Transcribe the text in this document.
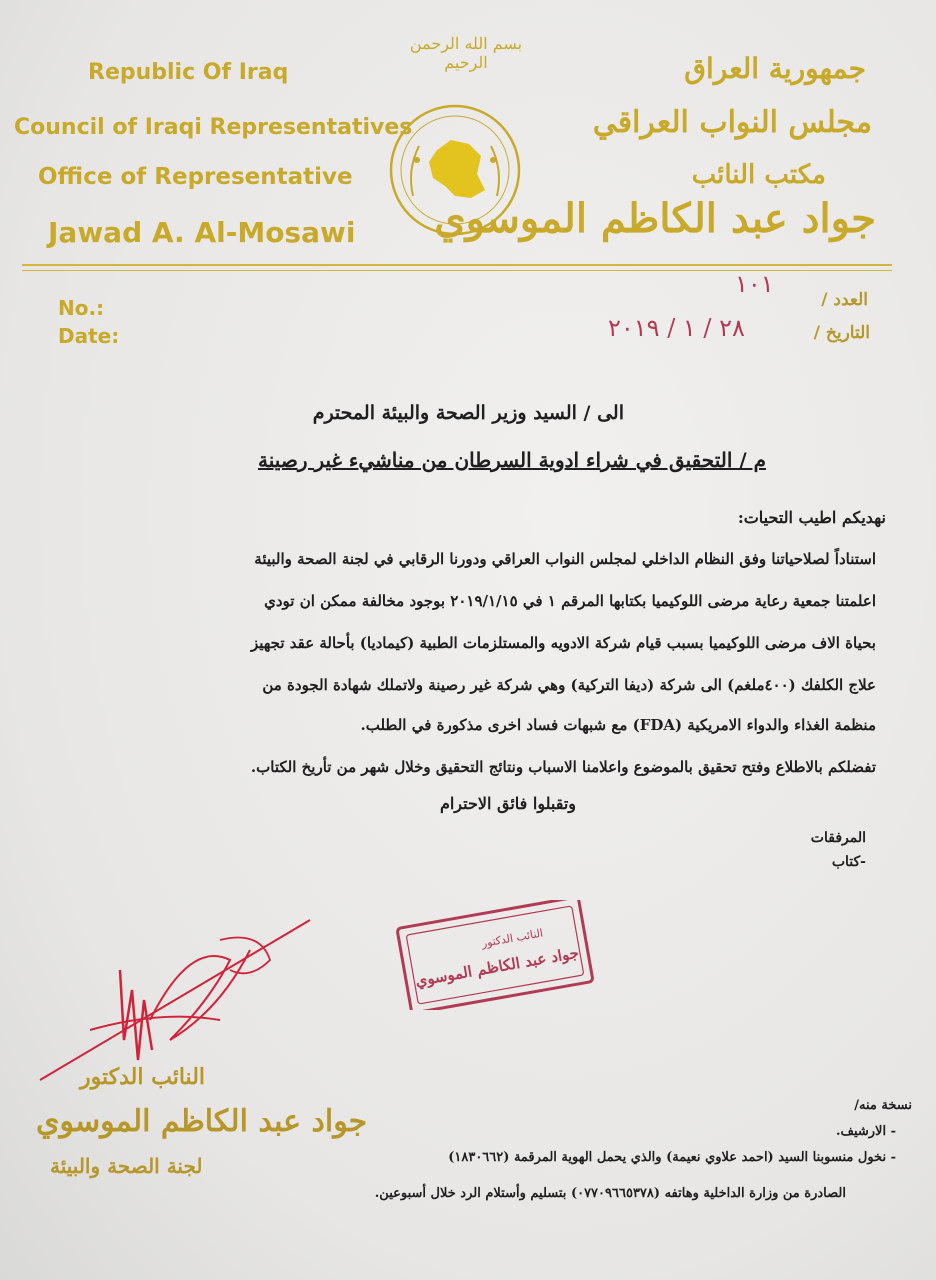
Republic Of Iraq
Council of Iraqi Representatives
Office of Representative
Jawad A. Al-Mosawi
بسم الله الرحمن الرحيم	جمهورية العراق
مجلس النواب العراقي
مكتب النائب
جواد عبد الكاظم الموسوي
No.:
Date:
العدد /
التاريخ /
١٠١
٢٨ / ١ / ٢٠١٩
الى / السيد وزير الصحة والبيئة المحترم
م / التحقيق في شراء ادوية السرطان من مناشيء غير رصينة
نهديكم اطيب التحيات:
استناداً لصلاحياتنا وفق النظام الداخلي لمجلس النواب العراقي ودورنا الرقابي في لجنة الصحة والبيئة
اعلمتنا جمعية رعاية مرضى اللوكيميا بكتابها المرقم ١ في ٢٠١٩/١/١٥ بوجود مخالفة ممكن ان تودي
بحياة الاف مرضى اللوكيميا بسبب قيام شركة الادويه والمستلزمات الطبية (كيماديا) بأحالة عقد تجهيز
علاج الكلفك (٤٠٠ملغم) الى شركة (ديفا التركية) وهي شركة غير رصينة ولاتملك شهادة الجودة من
منظمة الغذاء والدواء الامريكية (FDA) مع شبهات فساد اخرى مذكورة في الطلب.
تفضلكم بالاطلاع وفتح تحقيق بالموضوع واعلامنا الاسباب ونتائج التحقيق وخلال شهر من تأريخ الكتاب.
وتقبلوا فائق الاحترام
المرفقات
-كتاب
النائب الدكتور
جواد عبد الكاظم الموسوي
النائب الدكتور
جواد عبد الكاظم الموسوي
لجنة الصحة والبيئة
نسخة منه/
- الارشيف.
- نخول منسوبنا السيد (احمد علاوي نعيمة) والذي يحمل الهوية المرقمة (١٨٣٠٦٦٢)
الصادرة من وزارة الداخلية وهاتفه (٠٧٧٠٩٦٦٥٣٧٨) بتسليم وأستلام الرد خلال أسبوعين.
